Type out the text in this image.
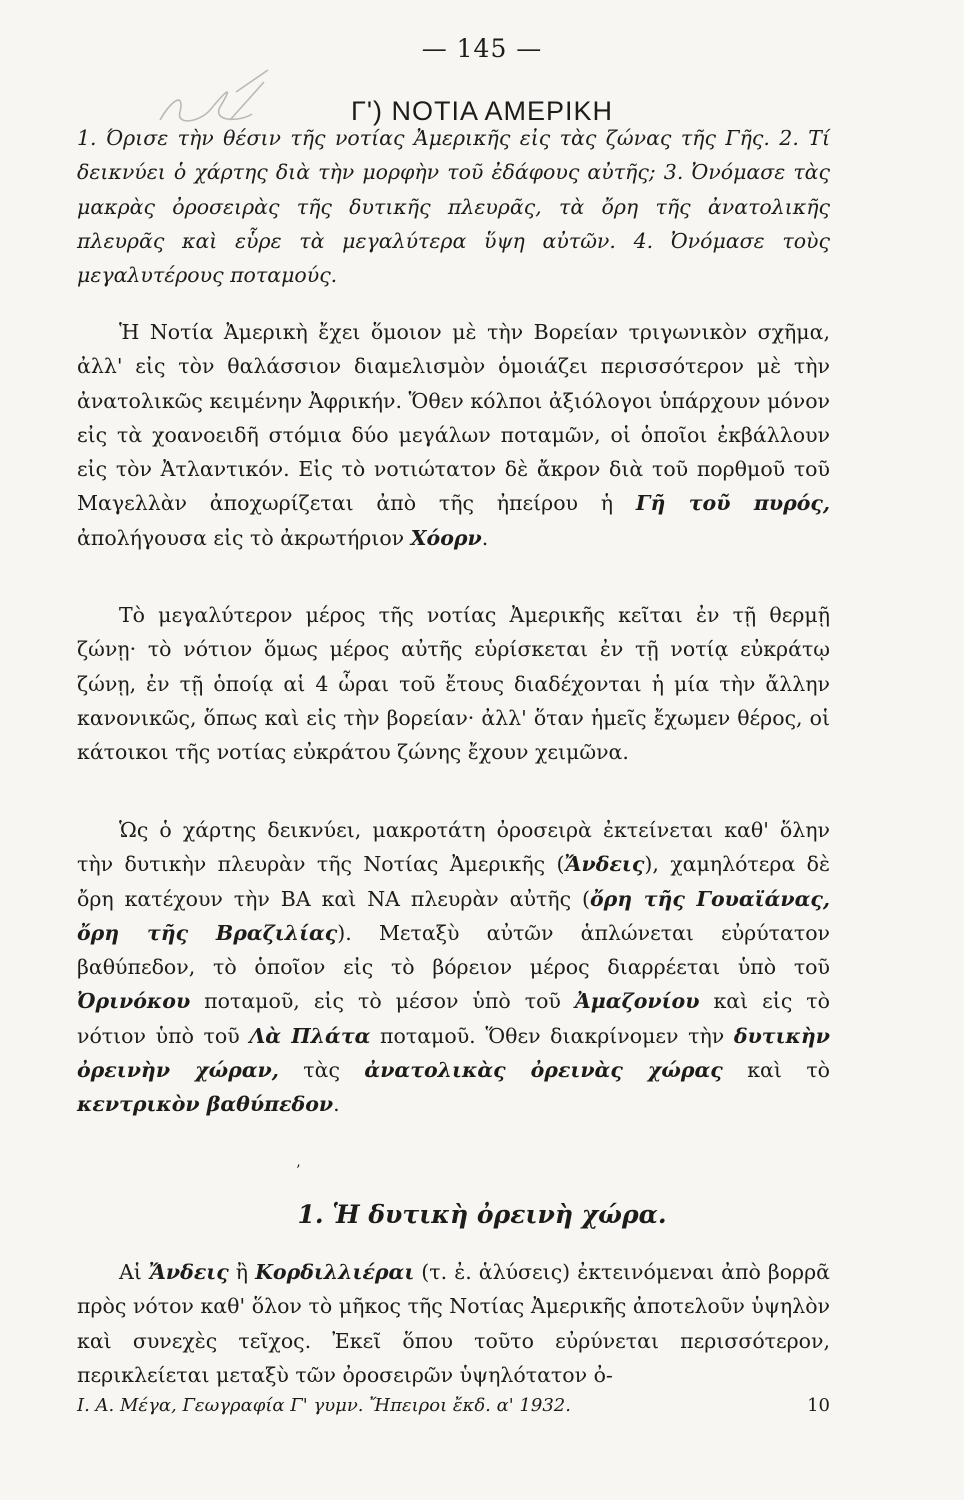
— 145 —
Γ') ΝΟΤΙΑ ΑΜΕΡΙΚΗ
1. Όρισε τὴν θέσιν τῆς νοτίας Ἀμερικῆς εἰς τὰς ζώνας τῆς Γῆς. 2. Τί δεικνύει ὁ χάρτης διὰ τὴν μορφὴν τοῦ ἐδάφους αὐτῆς; 3. Ὀνόμασε τὰς μακρὰς ὀροσειρὰς τῆς δυτικῆς πλευρᾶς, τὰ ὄρη τῆς ἀνατολικῆς πλευρᾶς καὶ εὗρε τὰ μεγαλύτερα ὕψη αὐτῶν. 4. Ὀνόμασε τοὺς μεγαλυτέρους ποταμούς.

Ἡ Νοτία Ἀμερικὴ ἔχει ὅμοιον μὲ τὴν Βορείαν τριγωνικὸν σχῆμα, ἀλλ' εἰς τὸν θαλάσσιον διαμελισμὸν ὁμοιάζει περισσότερον μὲ τὴν ἀνατολικῶς κειμένην Ἀφρικήν. Ὅθεν κόλποι ἀξιόλογοι ὑπάρχουν μόνον εἰς τὰ χοανοειδῆ στόμια δύο μεγάλων ποταμῶν, οἱ ὁποῖοι ἐκβάλλουν εἰς τὸν Ἀτλαντικόν. Εἰς τὸ νοτιώτατον δὲ ἄκρον διὰ τοῦ πορθμοῦ τοῦ Μαγελλὰν ἀποχωρίζεται ἀπὸ τῆς ἠπείρου ἡ Γῆ τοῦ πυρός, ἀπολήγουσα εἰς τὸ ἀκρωτήριον Χόορν.

Τὸ μεγαλύτερον μέρος τῆς νοτίας Ἀμερικῆς κεῖται ἐν τῇ θερμῇ ζώνῃ· τὸ νότιον ὅμως μέρος αὐτῆς εὑρίσκεται ἐν τῇ νοτίᾳ εὐκράτῳ ζώνῃ, ἐν τῇ ὁποίᾳ αἱ 4 ὧραι τοῦ ἔτους διαδέχονται ἡ μία τὴν ἄλλην κανονικῶς, ὅπως καὶ εἰς τὴν βορείαν· ἀλλ' ὅταν ἡμεῖς ἔχωμεν θέρος, οἱ κάτοικοι τῆς νοτίας εὐκράτου ζώνης ἔχουν χειμῶνα.

Ὡς ὁ χάρτης δεικνύει, μακροτάτη ὀροσειρὰ ἐκτείνεται καθ' ὅλην τὴν δυτικὴν πλευρὰν τῆς Νοτίας Ἀμερικῆς (Ἄνδεις), χαμηλότερα δὲ ὄρη κατέχουν τὴν ΒΑ καὶ ΝΑ πλευρὰν αὐτῆς (ὄρη τῆς Γουαϊάνας, ὄρη τῆς Βραζιλίας). Μεταξὺ αὐτῶν ἁπλώνεται εὐρύτατον βαθύπεδον, τὸ ὁποῖον εἰς τὸ βόρειον μέρος διαρρέεται ὑπὸ τοῦ Ὀρινόκου ποταμοῦ, εἰς τὸ μέσον ὑπὸ τοῦ Ἀμαζονίου καὶ εἰς τὸ νότιον ὑπὸ τοῦ Λὰ Πλάτα ποταμοῦ. Ὅθεν διακρίνομεν τὴν δυτικὴν ὀρεινὴν χώραν, τὰς ἀνατολικὰς ὀρεινὰς χώρας καὶ τὸ κεντρικὸν βαθύπεδον.

’
1. Ἡ δυτικὴ ὀρεινὴ χώρα.

Αἱ Ἄνδεις ἢ Κορδιλλιέραι (τ. ἐ. ἁλύσεις) ἐκτεινόμεναι ἀπὸ βορρᾶ πρὸς νότον καθ' ὅλον τὸ μῆκος τῆς Νοτίας Ἀμερικῆς ἀποτελοῦν ὑψηλὸν καὶ συνεχὲς τεῖχος. Ἐκεῖ ὅπου τοῦτο εὐρύνεται περισσότερον, περικλείεται μεταξὺ τῶν ὀροσειρῶν ὑψηλότατον ὀ-

Ι. Α. Μέγα, Γεωγραφία Γ' γυμν. Ἤπειροι ἔκδ. α' 1932.	10
